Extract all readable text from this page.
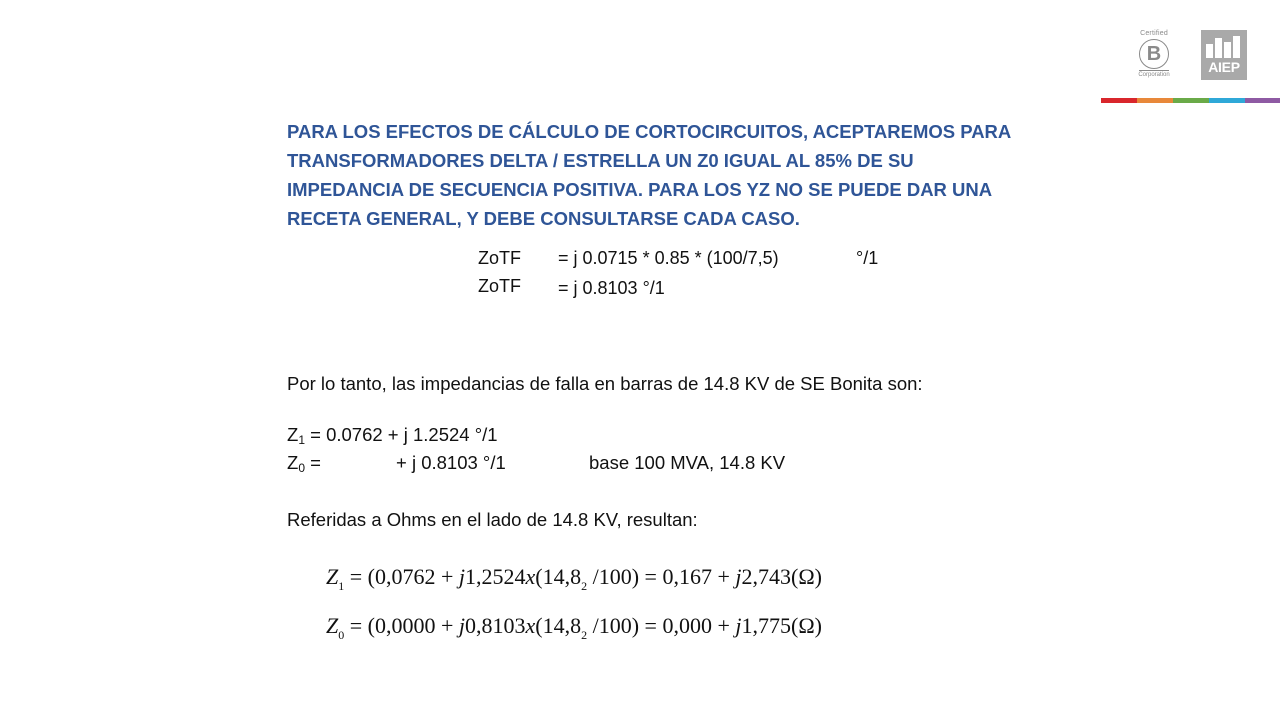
Certified
B
Corporation	AIEP
PARA LOS EFECTOS DE CÁLCULO DE CORTOCIRCUITOS, ACEPTAREMOS PARA
TRANSFORMADORES DELTA / ESTRELLA UN Z0 IGUAL AL 85% DE SU
IMPEDANCIA DE SECUENCIA POSITIVA. PARA LOS YZ NO SE PUEDE DAR UNA
RECETA GENERAL, Y DEBE CONSULTARSE CADA CASO.
ZoTF = j 0.0715 * 0.85 * (100/7,5)	°/1
ZoTF = j 0.8103 °/1
Por lo tanto, las impedancias de falla en barras de 14.8 KV de SE Bonita son:
$Z_1 = 0.0762 + j$ 1.2524 °/1
$Z_0$ =	+ j 0.8103 °/1	base 100 MVA, 14.8 KV
Referidas a Ohms en el lado de 14.8 KV, resultan:
$Z_1 = (0,0762 + j1,2524x(14,8_2$ /100) = 0,167 + j2,743(Ω)
$Z_0 = (0,0000 + j0,8103x(14,8_2$ /100) = 0,000 + j1,775(Ω)
